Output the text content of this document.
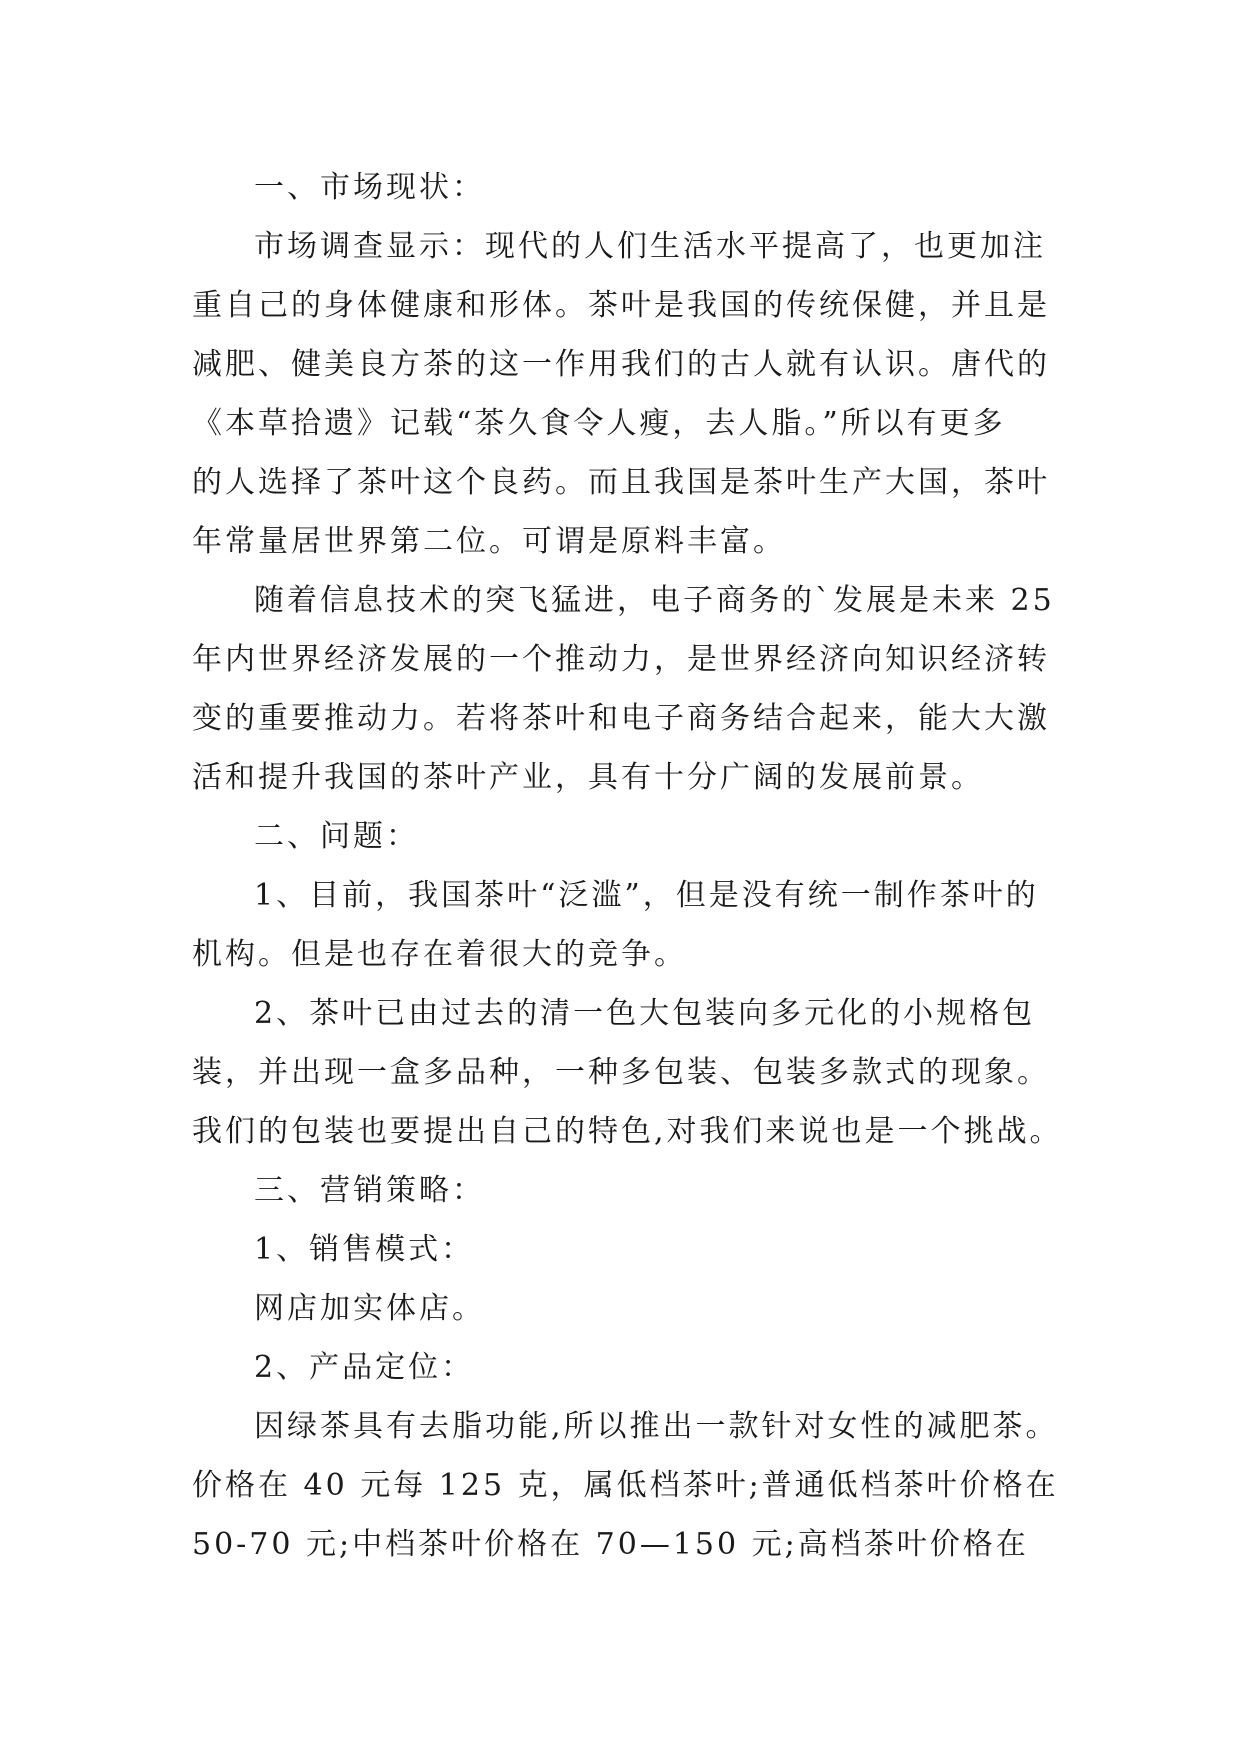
一、市场现状：
市场调查显示：现代的人们生活水平提高了，也更加注
重自己的身体健康和形体。茶叶是我国的传统保健，并且是
减肥、健美良方茶的这一作用我们的古人就有认识。唐代的
《本草拾遗》记载“茶久食令人瘦，去人脂。”所以有更多
的人选择了茶叶这个良药。而且我国是茶叶生产大国，茶叶
年常量居世界第二位。可谓是原料丰富。
随着信息技术的突飞猛进，电子商务的`发展是未来 25
年内世界经济发展的一个推动力，是世界经济向知识经济转
变的重要推动力。若将茶叶和电子商务结合起来，能大大激
活和提升我国的茶叶产业，具有十分广阔的发展前景。
二、问题：
1、目前，我国茶叶“泛滥”，但是没有统一制作茶叶的
机构。但是也存在着很大的竞争。
2、茶叶已由过去的清一色大包装向多元化的小规格包
装，并出现一盒多品种，一种多包装、包装多款式的现象。
我们的包装也要提出自己的特色,对我们来说也是一个挑战。
三、营销策略：
1、销售模式：
网店加实体店。
2、产品定位：
因绿茶具有去脂功能,所以推出一款针对女性的减肥茶。
价格在 40 元每 125 克，属低档茶叶;普通低档茶叶价格在
50-70 元;中档茶叶价格在 70—150 元;高档茶叶价格在
